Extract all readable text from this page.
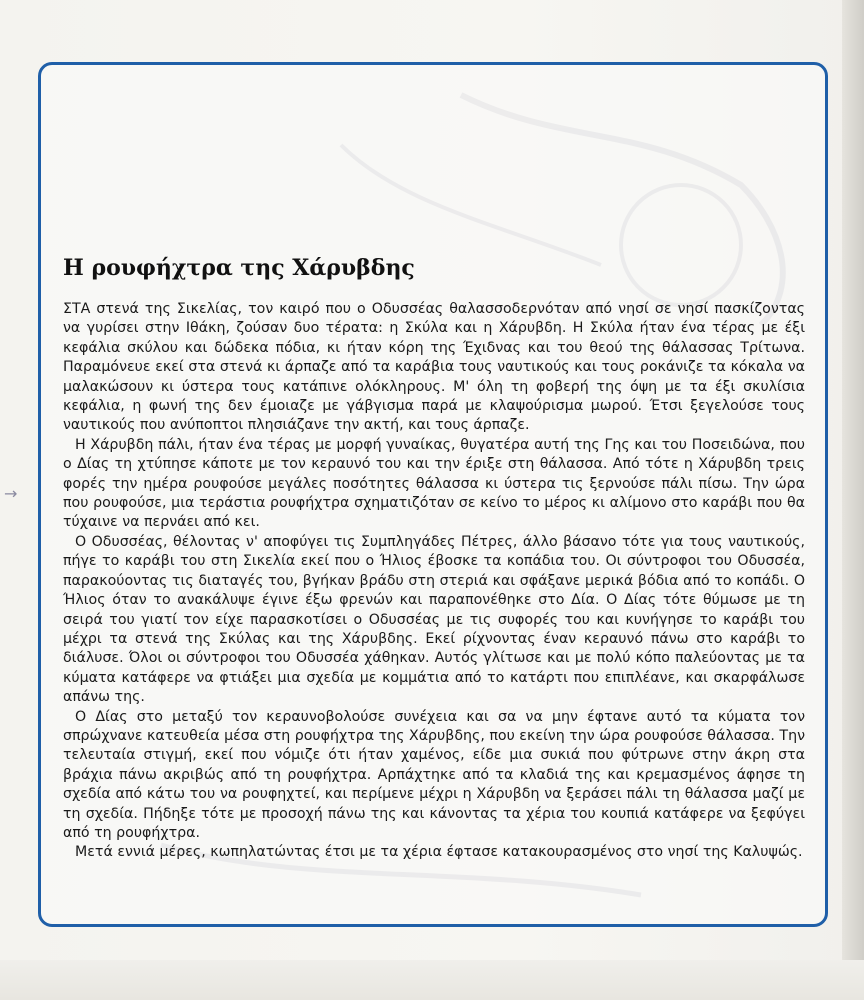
Η ρουφήχτρα της Χάρυβδης

ΣΤΑ στενά της Σικελίας, τον καιρό που ο Οδυσσέας θαλασσοδερνόταν από νησί σε νησί πασκίζοντας να γυρίσει στην Ιθάκη, ζούσαν δυο τέρατα: η Σκύλα και η Χάρυβδη. Η Σκύλα ήταν ένα τέρας με έξι κεφάλια σκύλου και δώδεκα πόδια, κι ήταν κόρη της Έχιδνας και του θεού της θάλασσας Τρίτωνα. Παραμόνευε εκεί στα στενά κι άρπαζε από τα καράβια τους ναυτικούς και τους ροκάνιζε τα κόκαλα να μαλακώσουν κι ύστερα τους κατάπινε ολόκληρους. Μ' όλη τη φοβερή της όψη με τα έξι σκυλίσια κεφάλια, η φωνή της δεν έμοιαζε με γάβγισμα παρά με κλαψούρισμα μωρού. Έτσι ξεγελούσε τους ναυτικούς που ανύποπτοι πλησιάζανε την ακτή, και τους άρπαζε.

Η Χάρυβδη πάλι, ήταν ένα τέρας με μορφή γυναίκας, θυγατέρα αυτή της Γης και του Ποσειδώνα, που ο Δίας τη χτύπησε κάποτε με τον κεραυνό του και την έριξε στη θάλασσα. Από τότε η Χάρυβδη τρεις φορές την ημέρα ρουφούσε μεγάλες ποσότητες θάλασσα κι ύστερα τις ξερνούσε πάλι πίσω. Την ώρα που ρουφούσε, μια τεράστια ρουφήχτρα σχηματιζόταν σε κείνο το μέρος κι αλίμονο στο καράβι που θα τύχαινε να περνάει από κει.

Ο Οδυσσέας, θέλοντας ν' αποφύγει τις Συμπληγάδες Πέτρες, άλλο βάσανο τότε για τους ναυτικούς, πήγε το καράβι του στη Σικελία εκεί που ο Ήλιος έβοσκε τα κοπάδια του. Οι σύντροφοι του Οδυσσέα, παρακούοντας τις διαταγές του, βγήκαν βράδυ στη στεριά και σφάξανε μερικά βόδια από το κοπάδι. Ο Ήλιος όταν το ανακάλυψε έγινε έξω φρενών και παραπονέθηκε στο Δία. Ο Δίας τότε θύμωσε με τη σειρά του γιατί τον είχε παρασκοτίσει ο Οδυσσέας με τις συφορές του και κυνήγησε το καράβι του μέχρι τα στενά της Σκύλας και της Χάρυβδης. Εκεί ρίχνοντας έναν κεραυνό πάνω στο καράβι το διάλυσε. Όλοι οι σύντροφοι του Οδυσσέα χάθηκαν. Αυτός γλίτωσε και με πολύ κόπο παλεύοντας με τα κύματα κατάφερε να φτιάξει μια σχεδία με κομμάτια από το κατάρτι που επιπλέανε, και σκαρφάλωσε απάνω της.

Ο Δίας στο μεταξύ τον κεραυνοβολούσε συνέχεια και σα να μην έφτανε αυτό τα κύματα τον σπρώχνανε κατευθεία μέσα στη ρουφήχτρα της Χάρυβδης, που εκείνη την ώρα ρουφούσε θάλασσα. Την τελευταία στιγμή, εκεί που νόμιζε ότι ήταν χαμένος, είδε μια συκιά που φύτρωνε στην άκρη στα βράχια πάνω ακριβώς από τη ρουφήχτρα. Αρπάχτηκε από τα κλαδιά της και κρεμασμένος άφησε τη σχεδία από κάτω του να ρουφηχτεί, και περίμενε μέχρι η Χάρυβδη να ξεράσει πάλι τη θάλασσα μαζί με τη σχεδία. Πήδηξε τότε με προσοχή πάνω της και κάνοντας τα χέρια του κουπιά κατάφερε να ξεφύγει από τη ρουφήχτρα.

Μετά εννιά μέρες, κωπηλατώντας έτσι με τα χέρια έφτασε κατακουρασμένος στο νησί της Καλυψώς.

→
